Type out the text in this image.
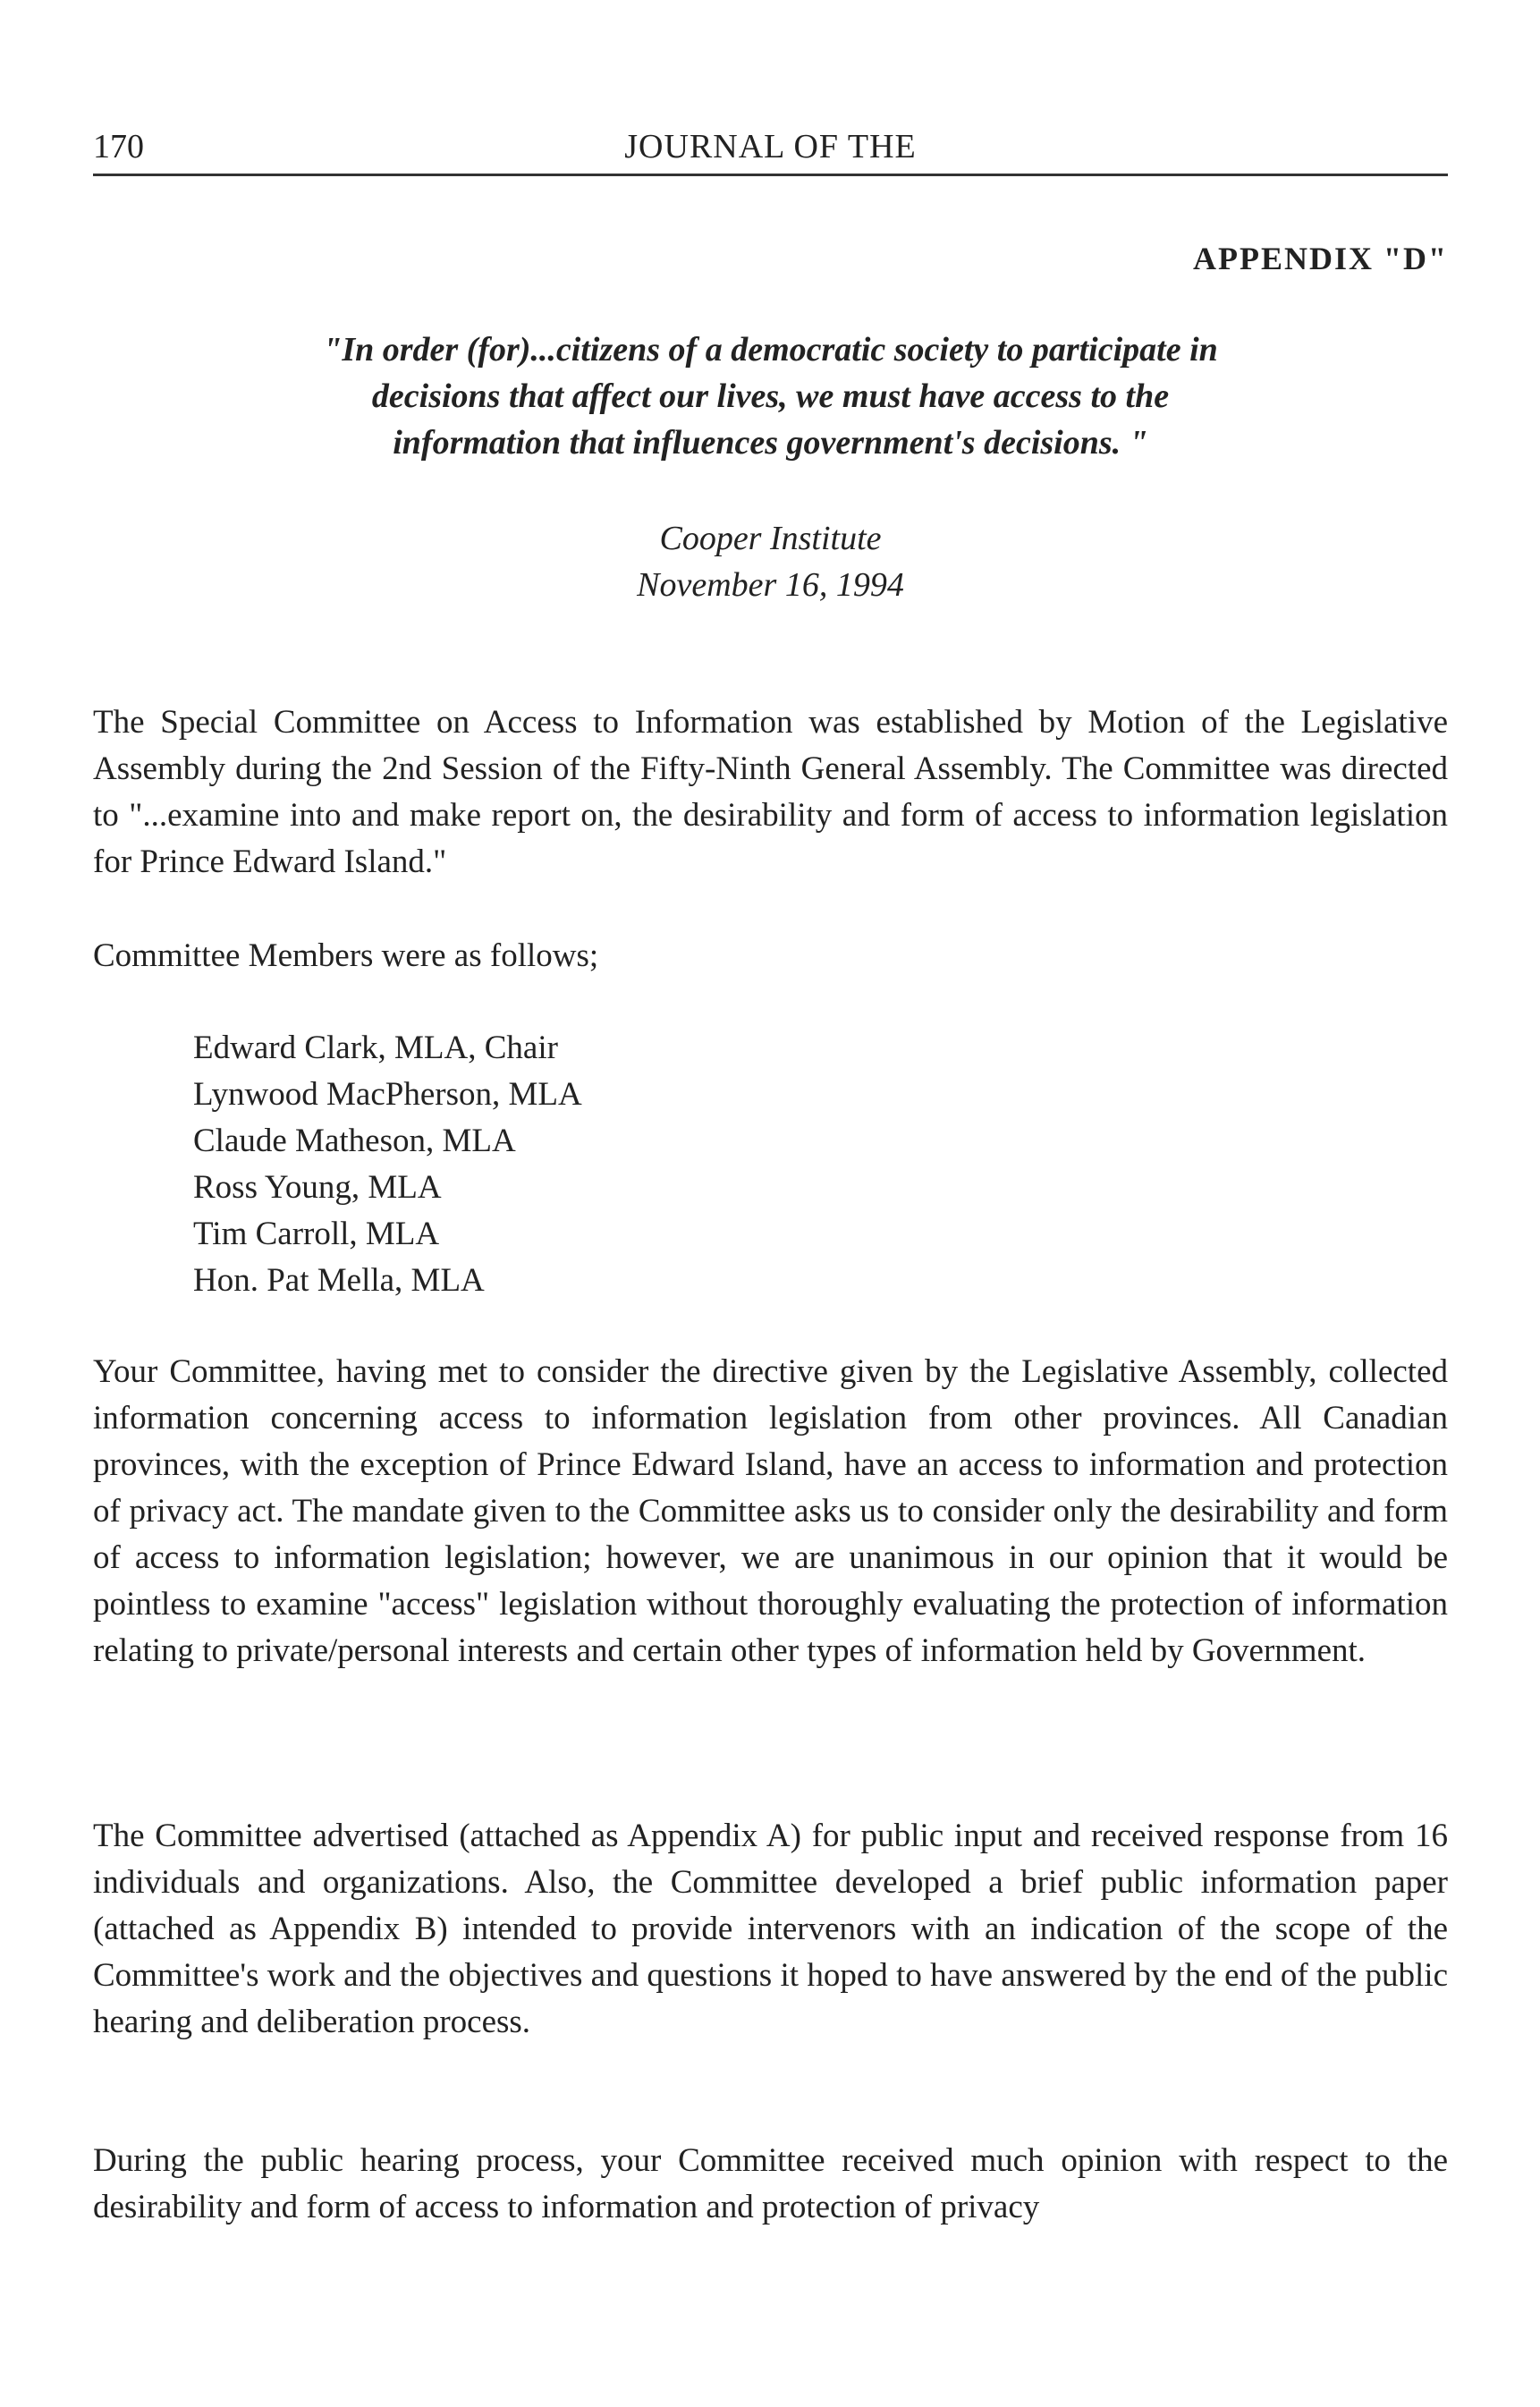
170	JOURNAL OF THE
APPENDIX "D"
"In order (for)...citizens of a democratic society to participate in
decisions that affect our lives, we must have access to the
information that influences government's decisions. "
Cooper Institute
November 16, 1994

The Special Committee on Access to Information was established by Motion of the Legislative Assembly during the 2nd Session of the Fifty-Ninth General Assembly. The Committee was directed to "...examine into and make report on, the desirability and form of access to information legislation for Prince Edward Island."

Committee Members were as follows;

Edward Clark, MLA, Chair
Lynwood MacPherson, MLA
Claude Matheson, MLA
Ross Young, MLA
Tim Carroll, MLA
Hon. Pat Mella, MLA

Your Committee, having met to consider the directive given by the Legislative Assembly, collected information concerning access to information legislation from other provinces. All Canadian provinces, with the exception of Prince Edward Island, have an access to information and protection of privacy act. The mandate given to the Committee asks us to consider only the desirability and form of access to information legislation; however, we are unanimous in our opinion that it would be pointless to examine "access" legislation without thoroughly evaluating the protection of information relating to private/personal interests and certain other types of information held by Government.

The Committee advertised (attached as Appendix A) for public input and received response from 16 individuals and organizations. Also, the Committee developed a brief public information paper (attached as Appendix B) intended to provide intervenors with an indication of the scope of the Committee's work and the objectives and questions it hoped to have answered by the end of the public hearing and deliberation process.

During the public hearing process, your Committee received much opinion with respect to the desirability and form of access to information and protection of privacy
